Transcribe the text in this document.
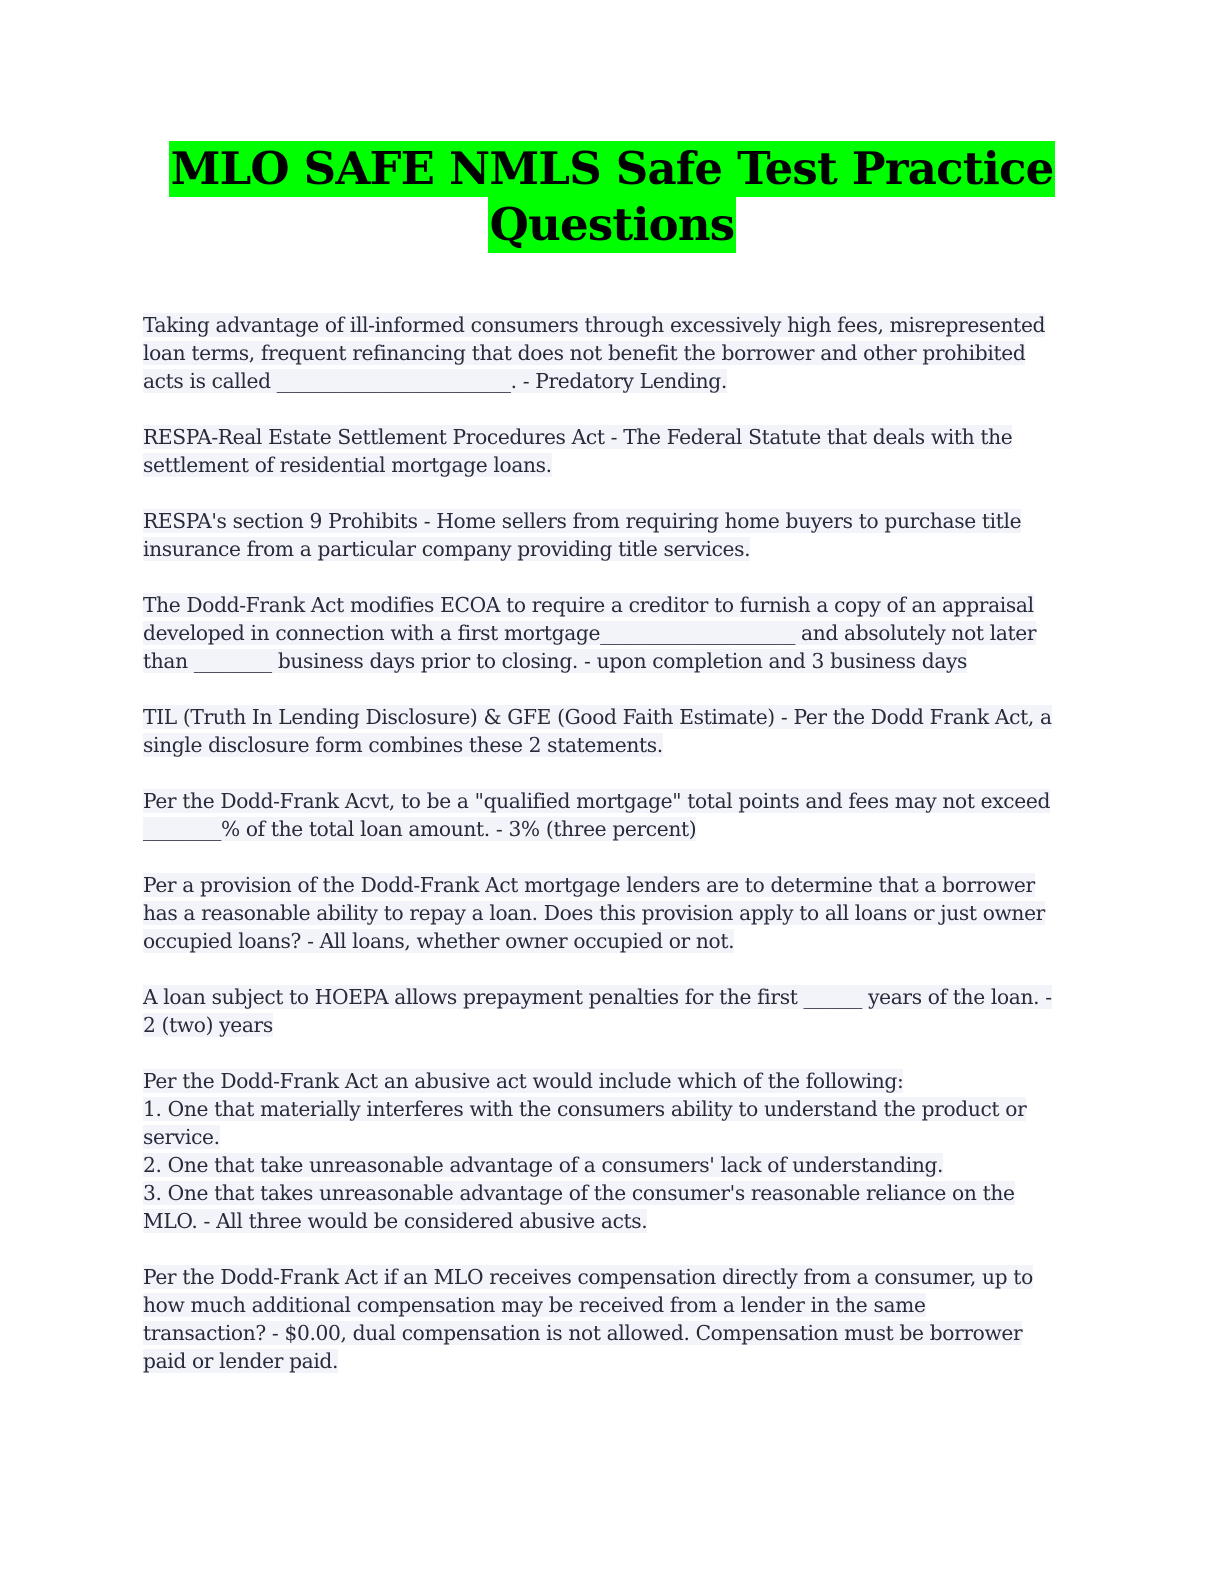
MLO SAFE NMLS Safe Test Practice
Questions
Taking advantage of ill-informed consumers through excessively high fees, misrepresented
loan terms, frequent refinancing that does not benefit the borrower and other prohibited
acts is called ________________________. - Predatory Lending.
RESPA-Real Estate Settlement Procedures Act - The Federal Statute that deals with the
settlement of residential mortgage loans.
RESPA's section 9 Prohibits - Home sellers from requiring home buyers to purchase title
insurance from a particular company providing title services.
The Dodd-Frank Act modifies ECOA to require a creditor to furnish a copy of an appraisal
developed in connection with a first mortgage____________________ and absolutely not later
than ________ business days prior to closing. - upon completion and 3 business days
TIL (Truth In Lending Disclosure) & GFE (Good Faith Estimate) - Per the Dodd Frank Act, a
single disclosure form combines these 2 statements.
Per the Dodd-Frank Acvt, to be a "qualified mortgage" total points and fees may not exceed
________% of the total loan amount. - 3% (three percent)
Per a provision of the Dodd-Frank Act mortgage lenders are to determine that a borrower
has a reasonable ability to repay a loan. Does this provision apply to all loans or just owner
occupied loans? - All loans, whether owner occupied or not.
A loan subject to HOEPA allows prepayment penalties for the first ______ years of the loan. -
2 (two) years
Per the Dodd-Frank Act an abusive act would include which of the following:
1. One that materially interferes with the consumers ability to understand the product or
service.
2. One that take unreasonable advantage of a consumers' lack of understanding.
3. One that takes unreasonable advantage of the consumer's reasonable reliance on the
MLO. - All three would be considered abusive acts.
Per the Dodd-Frank Act if an MLO receives compensation directly from a consumer, up to
how much additional compensation may be received from a lender in the same
transaction? - $0.00, dual compensation is not allowed. Compensation must be borrower
paid or lender paid.
